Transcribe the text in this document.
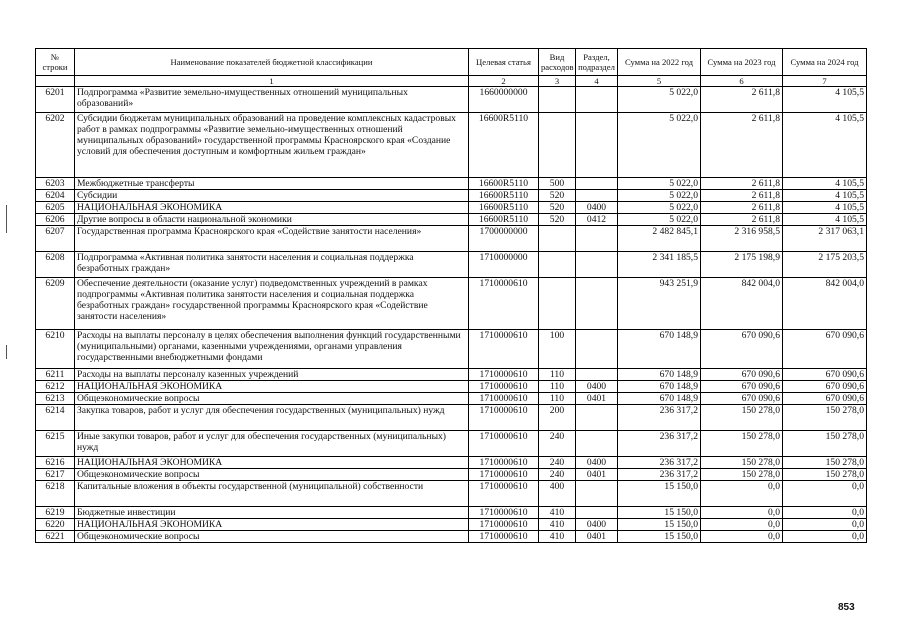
№ строки	Наименование показателей бюджетной классификации	Целевая статья	Вид расходов	Раздел, подраздел	Сумма на 2022 год	Сумма на 2023 год	Сумма на 2024 год
	1	2	3	4	5	6	7
6201	Подпрограмма «Развитие земельно-имущественных отношений муниципальных образований»	1660000000			5 022,0	2 611,8	4 105,5
6202	Субсидии бюджетам муниципальных образований на проведение комплексных кадастровых работ в рамках подпрограммы «Развитие земельно-имущественных отношений муниципальных образований» государственной программы Красноярского края «Создание условий для обеспечения доступным и комфортным жильем граждан»	16600R5110			5 022,0	2 611,8	4 105,5
6203	Межбюджетные трансферты	16600R5110	500		5 022,0	2 611,8	4 105,5
6204	Субсидии	16600R5110	520		5 022,0	2 611,8	4 105,5
6205	НАЦИОНАЛЬНАЯ ЭКОНОМИКА	16600R5110	520	0400	5 022,0	2 611,8	4 105,5
6206	Другие вопросы в области национальной экономики	16600R5110	520	0412	5 022,0	2 611,8	4 105,5
6207	Государственная программа Красноярского края «Содействие занятости населения»	1700000000			2 482 845,1	2 316 958,5	2 317 063,1
6208	Подпрограмма «Активная политика занятости населения и социальная поддержка безработных граждан»	1710000000			2 341 185,5	2 175 198,9	2 175 203,5
6209	Обеспечение деятельности (оказание услуг) подведомственных учреждений в рамках подпрограммы «Активная политика занятости населения и социальная поддержка безработных граждан» государственной программы Красноярского края «Содействие занятости населения»	1710000610			943 251,9	842 004,0	842 004,0
6210	Расходы на выплаты персоналу в целях обеспечения выполнения функций государственными (муниципальными) органами, казенными учреждениями, органами управления государственными внебюджетными фондами	1710000610	100		670 148,9	670 090,6	670 090,6
6211	Расходы на выплаты персоналу казенных учреждений	1710000610	110		670 148,9	670 090,6	670 090,6
6212	НАЦИОНАЛЬНАЯ ЭКОНОМИКА	1710000610	110	0400	670 148,9	670 090,6	670 090,6
6213	Общеэкономические вопросы	1710000610	110	0401	670 148,9	670 090,6	670 090,6
6214	Закупка товаров, работ и услуг для обеспечения государственных (муниципальных) нужд	1710000610	200		236 317,2	150 278,0	150 278,0
6215	Иные закупки товаров, работ и услуг для обеспечения государственных (муниципальных) нужд	1710000610	240		236 317,2	150 278,0	150 278,0
6216	НАЦИОНАЛЬНАЯ ЭКОНОМИКА	1710000610	240	0400	236 317,2	150 278,0	150 278,0
6217	Общеэкономические вопросы	1710000610	240	0401	236 317,2	150 278,0	150 278,0
6218	Капитальные вложения в объекты государственной (муниципальной) собственности	1710000610	400		15 150,0	0,0	0,0
6219	Бюджетные инвестиции	1710000610	410		15 150,0	0,0	0,0
6220	НАЦИОНАЛЬНАЯ ЭКОНОМИКА	1710000610	410	0400	15 150,0	0,0	0,0
6221	Общеэкономические вопросы	1710000610	410	0401	15 150,0	0,0	0,0
853
